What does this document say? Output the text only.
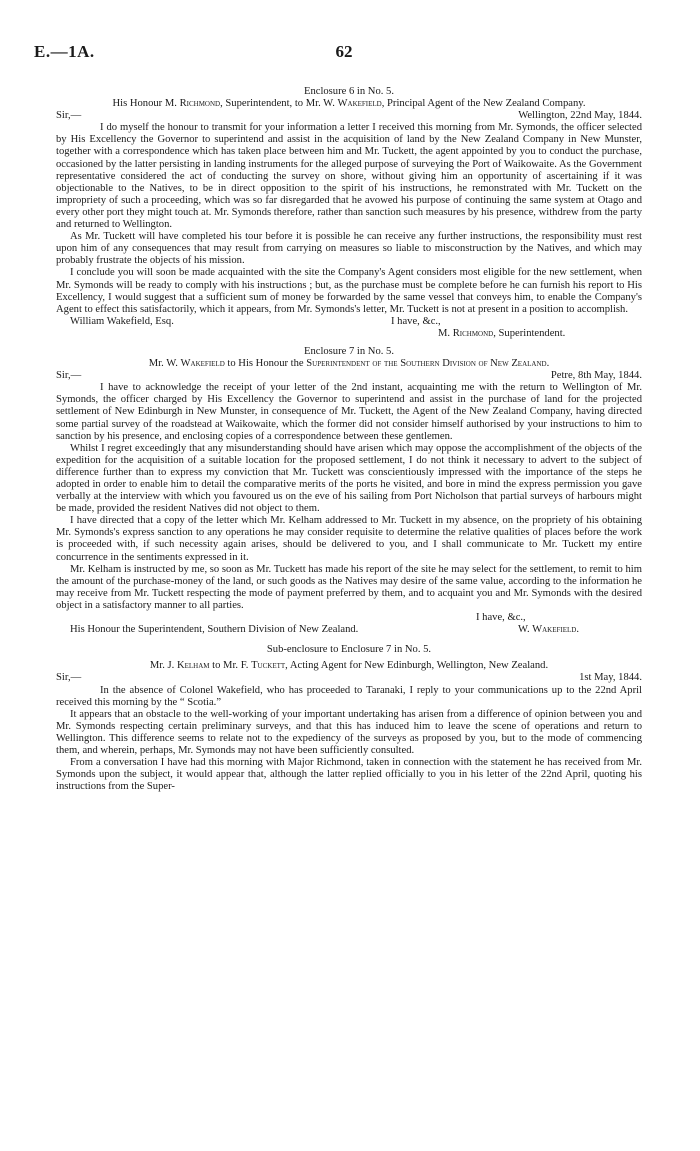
E.—1A.	62
Enclosure 6 in No. 5.
His Honour M. Richmond, Superintendent, to Mr. W. Wakefield, Principal Agent of the New Zealand Company.
Sir,—	Wellington, 22nd May, 1844.

I do myself the honour to transmit for your information a letter I received this morning from Mr. Symonds, the officer selected by His Excellency the Governor to superintend and assist in the acquisition of land by the New Zealand Company in New Munster, together with a correspondence which has taken place between him and Mr. Tuckett, the agent appointed by you to conduct the purchase, occasioned by the latter persisting in landing instruments for the alleged purpose of surveying the Port of Waikowaite. As the Government representative considered the act of conducting the survey on shore, without giving him an opportunity of ascertaining if it was objectionable to the Natives, to be in direct opposition to the spirit of his instructions, he remonstrated with Mr. Tuckett on the impropriety of such a proceeding, which was so far disregarded that he avowed his purpose of continuing the same system at Otago and every other port they might touch at. Mr. Symonds therefore, rather than sanction such measures by his presence, withdrew from the party and returned to Wellington.

As Mr. Tuckett will have completed his tour before it is possible he can receive any further instructions, the responsibility must rest upon him of any consequences that may result from carrying on measures so liable to misconstruction by the Natives, and which may probably frustrate the objects of his mission.

I conclude you will soon be made acquainted with the site the Company's Agent considers most eligible for the new settlement, when Mr. Symonds will be ready to comply with his instructions ; but, as the purchase must be complete before he can furnish his report to His Excellency, I would suggest that a sufficient sum of money be forwarded by the same vessel that conveys him, to enable the Company's Agent to effect this satisfactorily, which it appears, from Mr. Symonds's letter, Mr. Tuckett is not at present in a position to accomplish.

William Wakefield, Esq.	I have, &c.,
M. Richmond, Superintendent.
Enclosure 7 in No. 5.
Mr. W. Wakefield to His Honour the Superintendent of the Southern Division of New Zealand.
Sir,—	Petre, 8th May, 1844.

I have to acknowledge the receipt of your letter of the 2nd instant, acquainting me with the return to Wellington of Mr. Symonds, the officer charged by His Excellency the Governor to superintend and assist in the purchase of land for the projected settlement of New Edinburgh in New Munster, in consequence of Mr. Tuckett, the Agent of the New Zealand Company, having directed some partial survey of the roadstead at Waikowaite, which the former did not consider himself authorised by your instructions to him to sanction by his presence, and enclosing copies of a correspondence between these gentlemen.

Whilst I regret exceedingly that any misunderstanding should have arisen which may oppose the accomplishment of the objects of the expedition for the acquisition of a suitable location for the proposed settlement, I do not think it necessary to advert to the subject of difference further than to express my conviction that Mr. Tuckett was conscientiously impressed with the importance of the steps he adopted in order to enable him to detail the comparative merits of the ports he visited, and bore in mind the express permission you gave verbally at the interview with which you favoured us on the eve of his sailing from Port Nicholson that partial surveys of harbours might be made, provided the resident Natives did not object to them.

I have directed that a copy of the letter which Mr. Kelham addressed to Mr. Tuckett in my absence, on the propriety of his obtaining Mr. Symonds's express sanction to any operations he may consider requisite to determine the relative qualities of places before the work is proceeded with, if such necessity again arises, should be delivered to you, and I shall communicate to Mr. Tuckett my entire concurrence in the sentiments expressed in it.

Mr. Kelham is instructed by me, so soon as Mr. Tuckett has made his report of the site he may select for the settlement, to remit to him the amount of the purchase-money of the land, or such goods as the Natives may desire of the same value, according to the information he may receive from Mr. Tuckett respecting the mode of payment preferred by them, and to acquaint you and Mr. Symonds with the desired object in a satisfactory manner to all parties.

I have, &c.,
His Honour the Superintendent, Southern Division of New Zealand.	W. Wakefield.
Sub-enclosure to Enclosure 7 in No. 5.
Mr. J. Kelham to Mr. F. Tuckett, Acting Agent for New Edinburgh, Wellington, New Zealand.
Sir,—	1st May, 1844.

In the absence of Colonel Wakefield, who has proceeded to Taranaki, I reply to your communications up to the 22nd April received this morning by the “ Scotia.”

It appears that an obstacle to the well-working of your important undertaking has arisen from a difference of opinion between you and Mr. Symonds respecting certain preliminary surveys, and that this has induced him to leave the scene of operations and return to Wellington. This difference seems to relate not to the expediency of the surveys as proposed by you, but to the mode of commencing them, and wherein, perhaps, Mr. Symonds may not have been sufficiently consulted.

From a conversation I have had this morning with Major Richmond, taken in connection with the statement he has received from Mr. Symonds upon the subject, it would appear that, although the latter replied officially to you in his letter of the 22nd April, quoting his instructions from the Super-
